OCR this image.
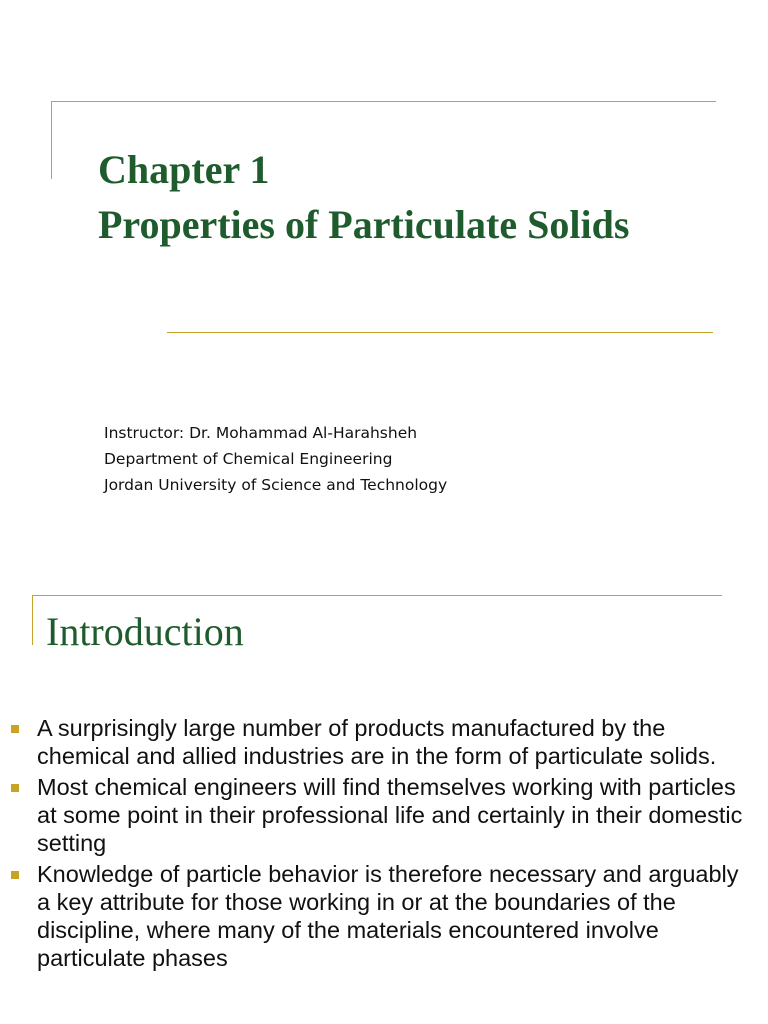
Chapter 1
Properties of Particulate Solids
Instructor: Dr. Mohammad Al-Harahsheh
Department of Chemical Engineering
Jordan University of Science and Technology
Introduction
A surprisingly large number of products manufactured by the chemical and allied industries are in the form of particulate solids.
Most chemical engineers will find themselves working with particles at some point in their professional life and certainly in their domestic setting
Knowledge of particle behavior is therefore necessary and arguably a key attribute for those working in or at the boundaries of the discipline, where many of the materials encountered involve particulate phases
